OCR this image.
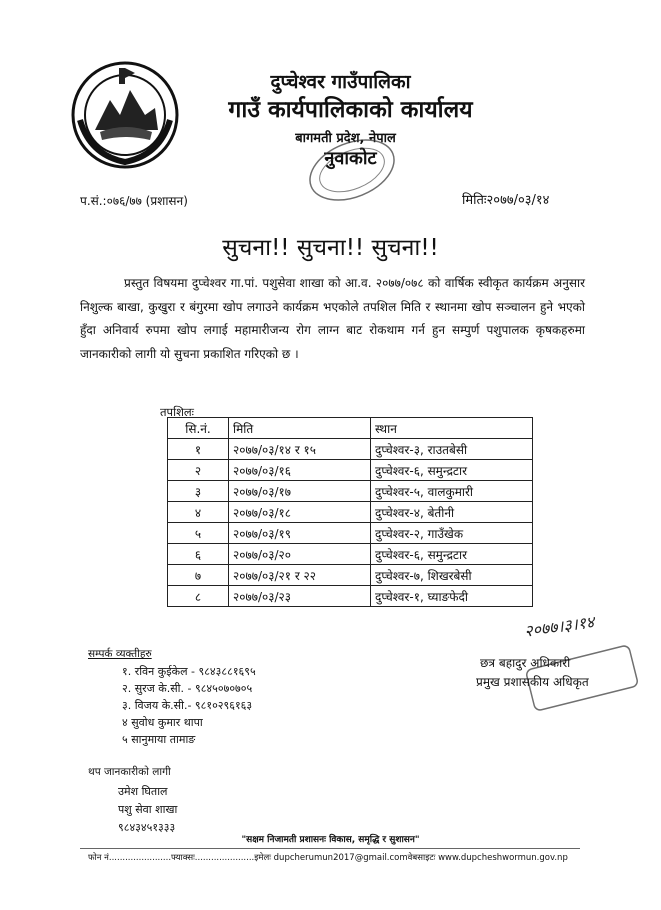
दुप्चेश्वर गाउँपालिका
गाउँ कार्यपालिकाको कार्यालय
बागमती प्रदेश, नेपाल
नुवाकोट
प.सं.:०७६/७७ (प्रशासन)	मितिः२०७७/०३/१४
सुचना!! सुचना!! सुचना!!

प्रस्तुत विषयमा दुप्चेश्वर गा.पां. पशुसेवा शाखा को आ.व. २०७७/०७८ को वार्षिक स्वीकृत कार्यक्रम अनुसार निशुल्क बाखा, कुखुरा र बंगुरमा खोप लगाउने कार्यक्रम भएकोले तपशिल मिति र स्थानमा खोप सञ्चालन हुने भएको हुँदा अनिवार्य रुपमा खोप लगाई महामारीजन्य रोग लाग्न बाट रोकथाम गर्न हुन सम्पुर्ण पशुपालक कृषकहरुमा जानकारीको लागी यो सुचना प्रकाशित गरिएको छ ।

तपशिलः
सि.नं.	मिति	स्थान
१	२०७७/०३/१४ र १५	दुप्चेश्वर-३, राउतबेसी
२	२०७७/०३/१६	दुप्चेश्वर-६, समुन्द्रटार
३	२०७७/०३/१७	दुप्चेश्वर-५, वालकुमारी
४	२०७७/०३/१८	दुप्चेश्वर-४, बेतीनी
५	२०७७/०३/१९	दुप्चेश्वर-२, गाउँखेक
६	२०७७/०३/२०	दुप्चेश्वर-६, समुन्द्रटार
७	२०७७/०३/२१ र २२	दुप्चेश्वर-७, शिखरबेसी
८	२०७७/०३/२३	दुप्चेश्वर-१, घ्याङफेदी
सम्पर्क व्यक्तीहरु
१. रविन कुईकेल - ९८४३८८१६९५
२. सुरज के.सी. - ९८४५०७०७०५
३. विजय के.सी.- ९८१०२९६१६३
४ सुवोध कुमार थापा
५ सानुमाया तामाङ
थप जानकारीको लागी
उमेश घिताल
पशु सेवा शाखा
९८४३४५१३३३
२०७७।३।१४
छत्र बहादुर अधिकारी
प्रमुख प्रशासकीय अधिकृत
"सक्षम निजामती प्रशासनः विकास, समृद्धि र सुशासन"
फोन नं.......................फ्याक्सः......................इमेलः dupcherumun2017@gmail.comवेबसाइटः www.dupcheshwormun.gov.np
